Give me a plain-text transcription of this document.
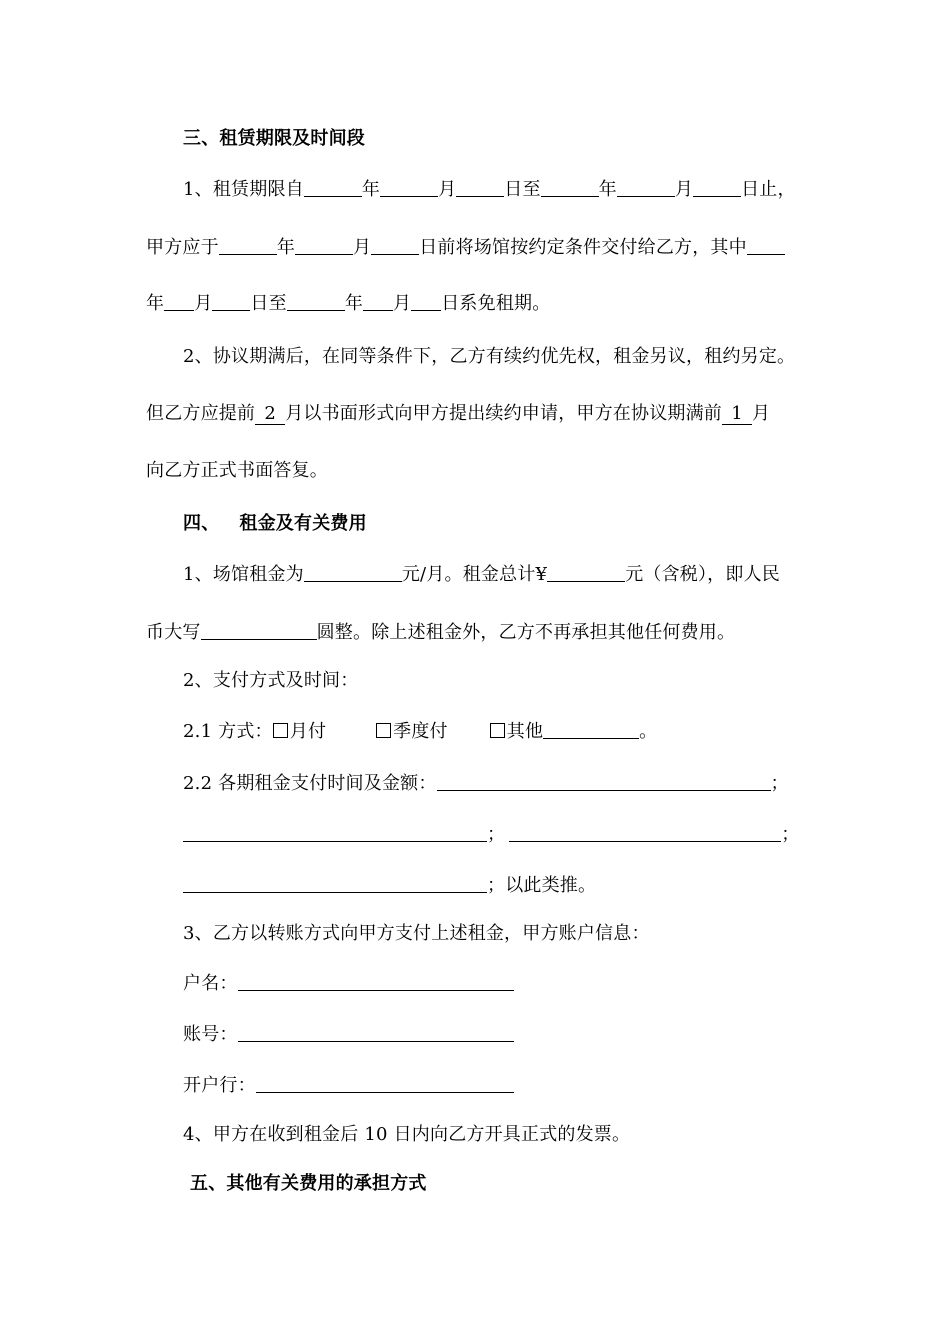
三、租赁期限及时间段
1、租赁期限自	年	月	日至	年	月	日止，
甲方应于	年	月	日前将场馆按约定条件交付给乙方，其中
年 月 日至	年 月 日系免租期。
2、协议期满后，在同等条件下，乙方有续约优先权，租金另议，租约另定。
但乙方应提前 2 月以书面形式向甲方提出续约申请，甲方在协议期满前 1 月
向乙方正式书面答复。
四、 租金及有关费用
1、场馆租金为	元/月。租金总计¥	元（含税），即人民
币大写	圆整。除上述租金外，乙方不再承担其他任何费用。
2、支付方式及时间：
2.1 方式： 月付	季度付	其他	。
2.2 各期租金支付时间及金额：	；
；	；
；以此类推。
3、乙方以转账方式向甲方支付上述租金，甲方账户信息：
户名：
账号：
开户行：
4、甲方在收到租金后 10 日内向乙方开具正式的发票。
五、其他有关费用的承担方式
